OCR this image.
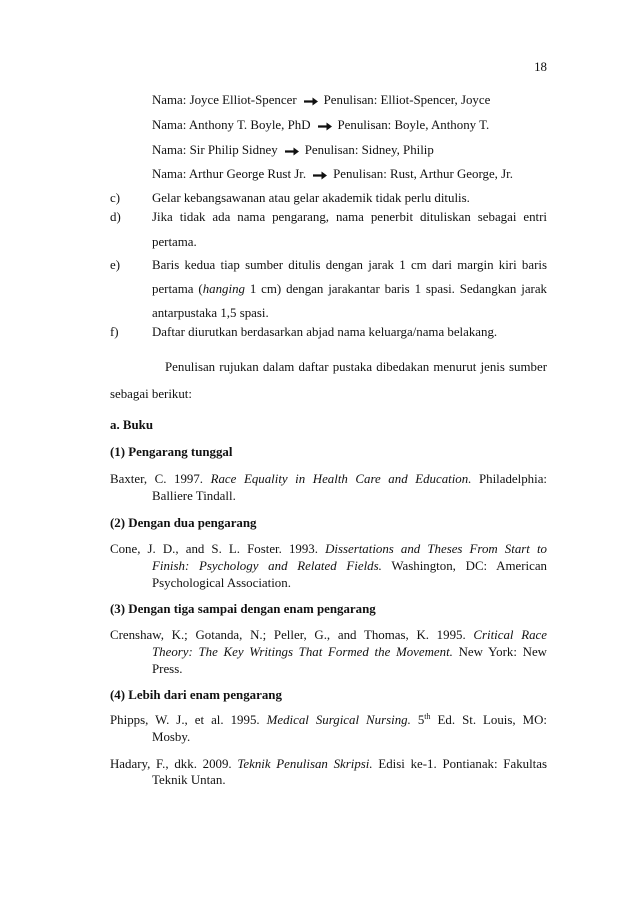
18
Nama: Joyce Elliot-Spencer Penulisan: Elliot-Spencer, Joyce
Nama: Anthony T. Boyle, PhD Penulisan: Boyle, Anthony T.
Nama: Sir Philip Sidney Penulisan: Sidney, Philip
Nama: Arthur George Rust Jr. Penulisan: Rust, Arthur George, Jr.
c) Gelar kebangsawanan atau gelar akademik tidak perlu ditulis.
d) Jika tidak ada nama pengarang, nama penerbit dituliskan sebagai entri
pertama.
e) Baris kedua tiap sumber ditulis dengan jarak 1 cm dari margin kiri baris
pertama (hanging 1 cm) dengan jarakantar baris 1 spasi. Sedangkan jarak
antarpustaka 1,5 spasi.
f)	Daftar diurutkan berdasarkan abjad nama keluarga/nama belakang.
Penulisan rujukan dalam daftar pustaka dibedakan menurut jenis sumber
sebagai berikut:
a. Buku
(1) Pengarang tunggal
Baxter, C. 1997. Race Equality in Health Care and Education. Philadelphia:
Balliere Tindall.
(2) Dengan dua pengarang
Cone, J. D., and S. L. Foster. 1993. Dissertations and Theses From Start to
Finish: Psychology and Related Fields. Washington, DC: American
Psychological Association.
(3) Dengan tiga sampai dengan enam pengarang
Crenshaw, K.; Gotanda, N.; Peller, G., and Thomas, K. 1995. Critical Race
Theory: The Key Writings That Formed the Movement. New York: New
Press.
(4) Lebih dari enam pengarang
Phipps, W. J., et al. 1995. Medical Surgical Nursing. 5th Ed. St. Louis, MO:
Mosby.
Hadary, F., dkk. 2009. Teknik Penulisan Skripsi. Edisi ke-1. Pontianak: Fakultas
Teknik Untan.
